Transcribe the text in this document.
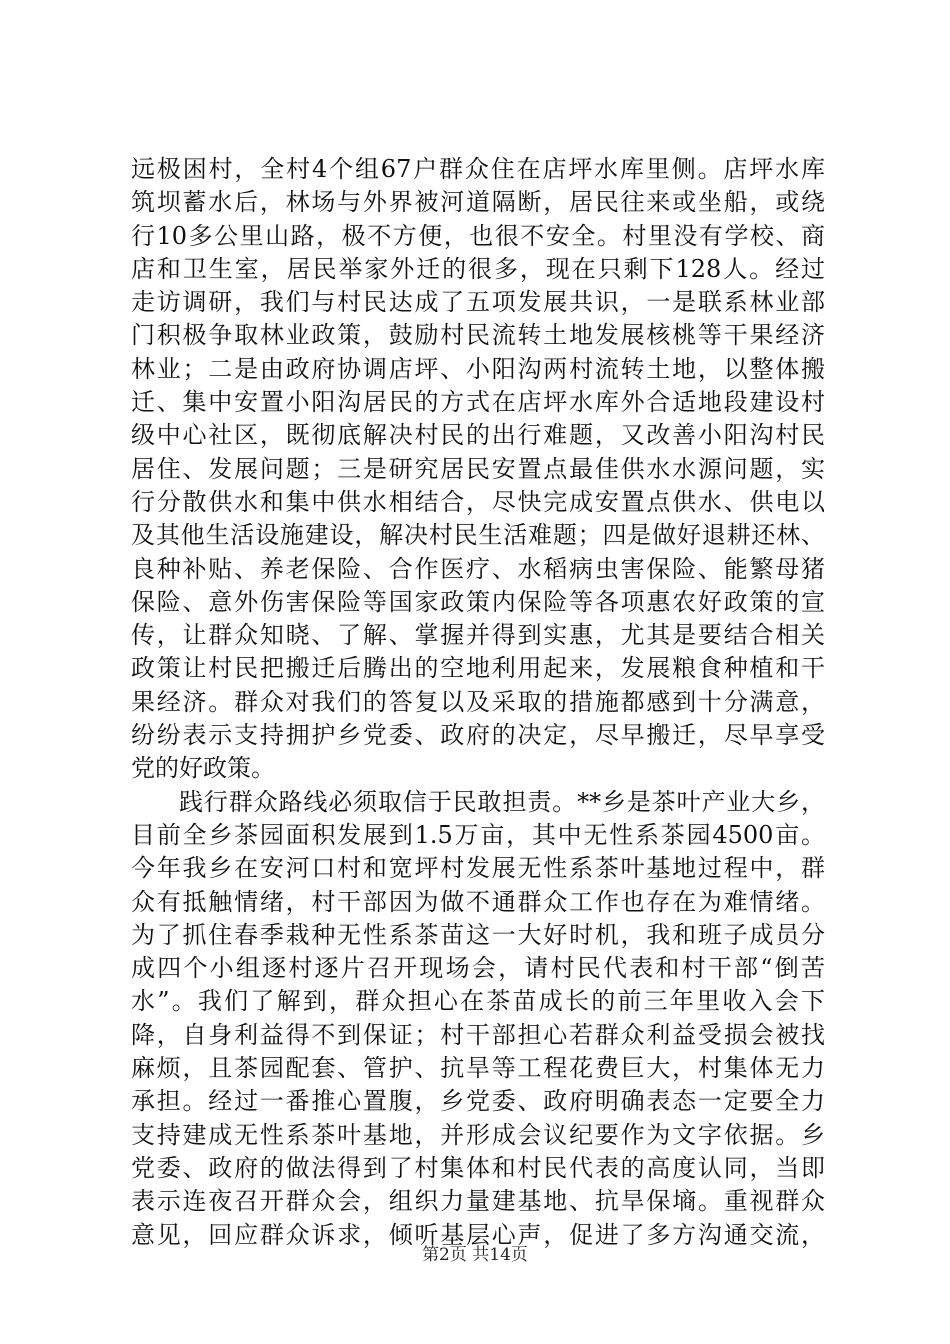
远极困村，全村4个组67户群众住在店坪水库里侧。店坪水库
筑坝蓄水后，林场与外界被河道隔断，居民往来或坐船，或绕
行10多公里山路，极不方便，也很不安全。村里没有学校、商
店和卫生室，居民举家外迁的很多，现在只剩下128人。经过
走访调研，我们与村民达成了五项发展共识，一是联系林业部
门积极争取林业政策，鼓励村民流转土地发展核桃等干果经济
林业；二是由政府协调店坪、小阳沟两村流转土地，以整体搬
迁、集中安置小阳沟居民的方式在店坪水库外合适地段建设村
级中心社区，既彻底解决村民的出行难题，又改善小阳沟村民
居住、发展问题；三是研究居民安置点最佳供水水源问题，实
行分散供水和集中供水相结合，尽快完成安置点供水、供电以
及其他生活设施建设，解决村民生活难题；四是做好退耕还林、
良种补贴、养老保险、合作医疗、水稻病虫害保险、能繁母猪
保险、意外伤害保险等国家政策内保险等各项惠农好政策的宣
传，让群众知晓、了解、掌握并得到实惠，尤其是要结合相关
政策让村民把搬迁后腾出的空地利用起来，发展粮食种植和干
果经济。群众对我们的答复以及采取的措施都感到十分满意，
纷纷表示支持拥护乡党委、政府的决定，尽早搬迁，尽早享受
党的好政策。
践行群众路线必须取信于民敢担责。**乡是茶叶产业大乡，
目前全乡茶园面积发展到1.5万亩，其中无性系茶园4500亩。
今年我乡在安河口村和宽坪村发展无性系茶叶基地过程中，群
众有抵触情绪，村干部因为做不通群众工作也存在为难情绪。
为了抓住春季栽种无性系茶苗这一大好时机，我和班子成员分
成四个小组逐村逐片召开现场会，请村民代表和村干部“倒苦
水”。我们了解到，群众担心在茶苗成长的前三年里收入会下
降，自身利益得不到保证；村干部担心若群众利益受损会被找
麻烦，且茶园配套、管护、抗旱等工程花费巨大，村集体无力
承担。经过一番推心置腹，乡党委、政府明确表态一定要全力
支持建成无性系茶叶基地，并形成会议纪要作为文字依据。乡
党委、政府的做法得到了村集体和村民代表的高度认同，当即
表示连夜召开群众会，组织力量建基地、抗旱保墒。重视群众
意见，回应群众诉求，倾听基层心声，促进了多方沟通交流，
第2页 共14页
